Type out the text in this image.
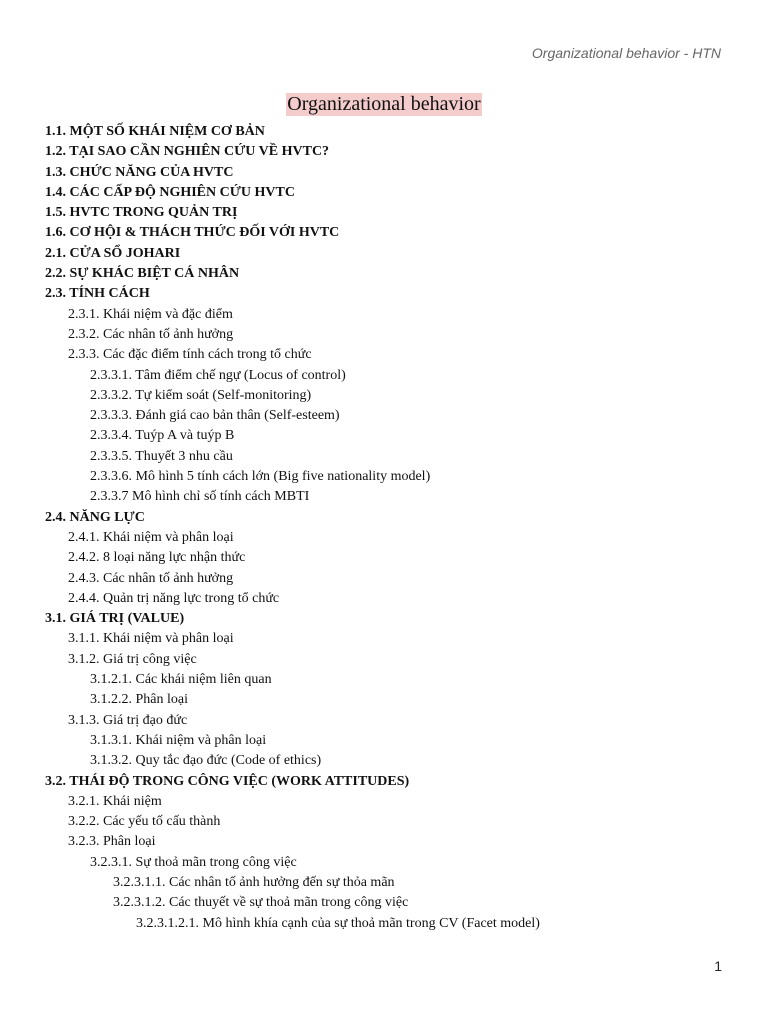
Organizational behavior - HTN
Organizational behavior
1.1. MỘT SỐ KHÁI NIỆM CƠ BẢN
1.2. TẠI SAO CẦN NGHIÊN CỨU VỀ HVTC?
1.3. CHỨC NĂNG CỦA HVTC
1.4. CÁC CẤP ĐỘ NGHIÊN CỨU HVTC
1.5. HVTC TRONG QUẢN TRỊ
1.6. CƠ HỘI & THÁCH THỨC ĐỐI VỚI HVTC
2.1. CỬA SỔ JOHARI
2.2. SỰ KHÁC BIỆT CÁ NHÂN
2.3. TÍNH CÁCH
2.3.1. Khái niệm và đặc điểm
2.3.2. Các nhân tố ảnh hưởng
2.3.3. Các đặc điểm tính cách trong tổ chức
2.3.3.1. Tâm điểm chế ngự (Locus of control)
2.3.3.2. Tự kiểm soát (Self-monitoring)
2.3.3.3. Đánh giá cao bản thân (Self-esteem)
2.3.3.4. Tuýp A và tuýp B
2.3.3.5. Thuyết 3 nhu cầu
2.3.3.6. Mô hình 5 tính cách lớn (Big five nationality model)
2.3.3.7 Mô hình chỉ số tính cách MBTI
2.4. NĂNG LỰC
2.4.1. Khái niệm và phân loại
2.4.2. 8 loại năng lực nhận thức
2.4.3. Các nhân tố ảnh hưởng
2.4.4. Quản trị năng lực trong tổ chức
3.1. GIÁ TRỊ (VALUE)
3.1.1. Khái niệm và phân loại
3.1.2. Giá trị công việc
3.1.2.1. Các khái niệm liên quan
3.1.2.2. Phân loại
3.1.3. Giá trị đạo đức
3.1.3.1. Khái niệm và phân loại
3.1.3.2. Quy tắc đạo đức (Code of ethics)
3.2. THÁI ĐỘ TRONG CÔNG VIỆC (WORK ATTITUDES)
3.2.1. Khái niệm
3.2.2. Các yếu tố cấu thành
3.2.3. Phân loại
3.2.3.1. Sự thoả mãn trong công việc
3.2.3.1.1. Các nhân tố ảnh hưởng đến sự thỏa mãn
3.2.3.1.2. Các thuyết về sự thoả mãn trong công việc
3.2.3.1.2.1. Mô hình khía cạnh của sự thoả mãn trong CV (Facet model)
1
